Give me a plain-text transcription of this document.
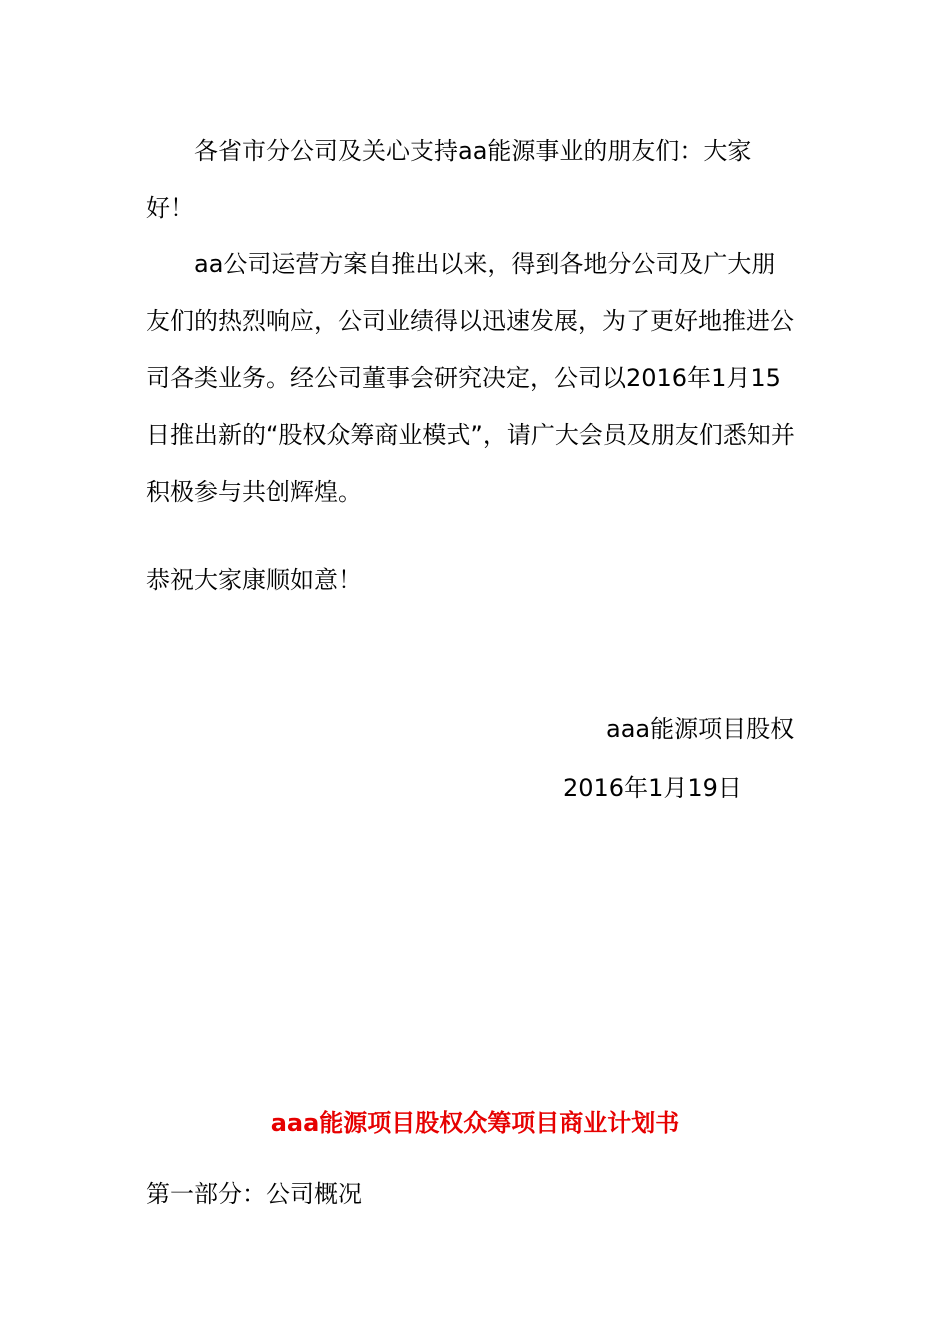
各省市分公司及关心支持aa能源事业的朋友们：大家好！
aa公司运营方案自推出以来，得到各地分公司及广大朋友们的热烈响应，公司业绩得以迅速发展，为了更好地推进公司各类业务。经公司董事会研究决定，公司以2016年1月15日推出新的“股权众筹商业模式”，请广大会员及朋友们悉知并积极参与共创辉煌。
恭祝大家康顺如意！
aaa能源项目股权
2016年1月19日
aaa能源项目股权众筹项目商业计划书
第一部分：公司概况
